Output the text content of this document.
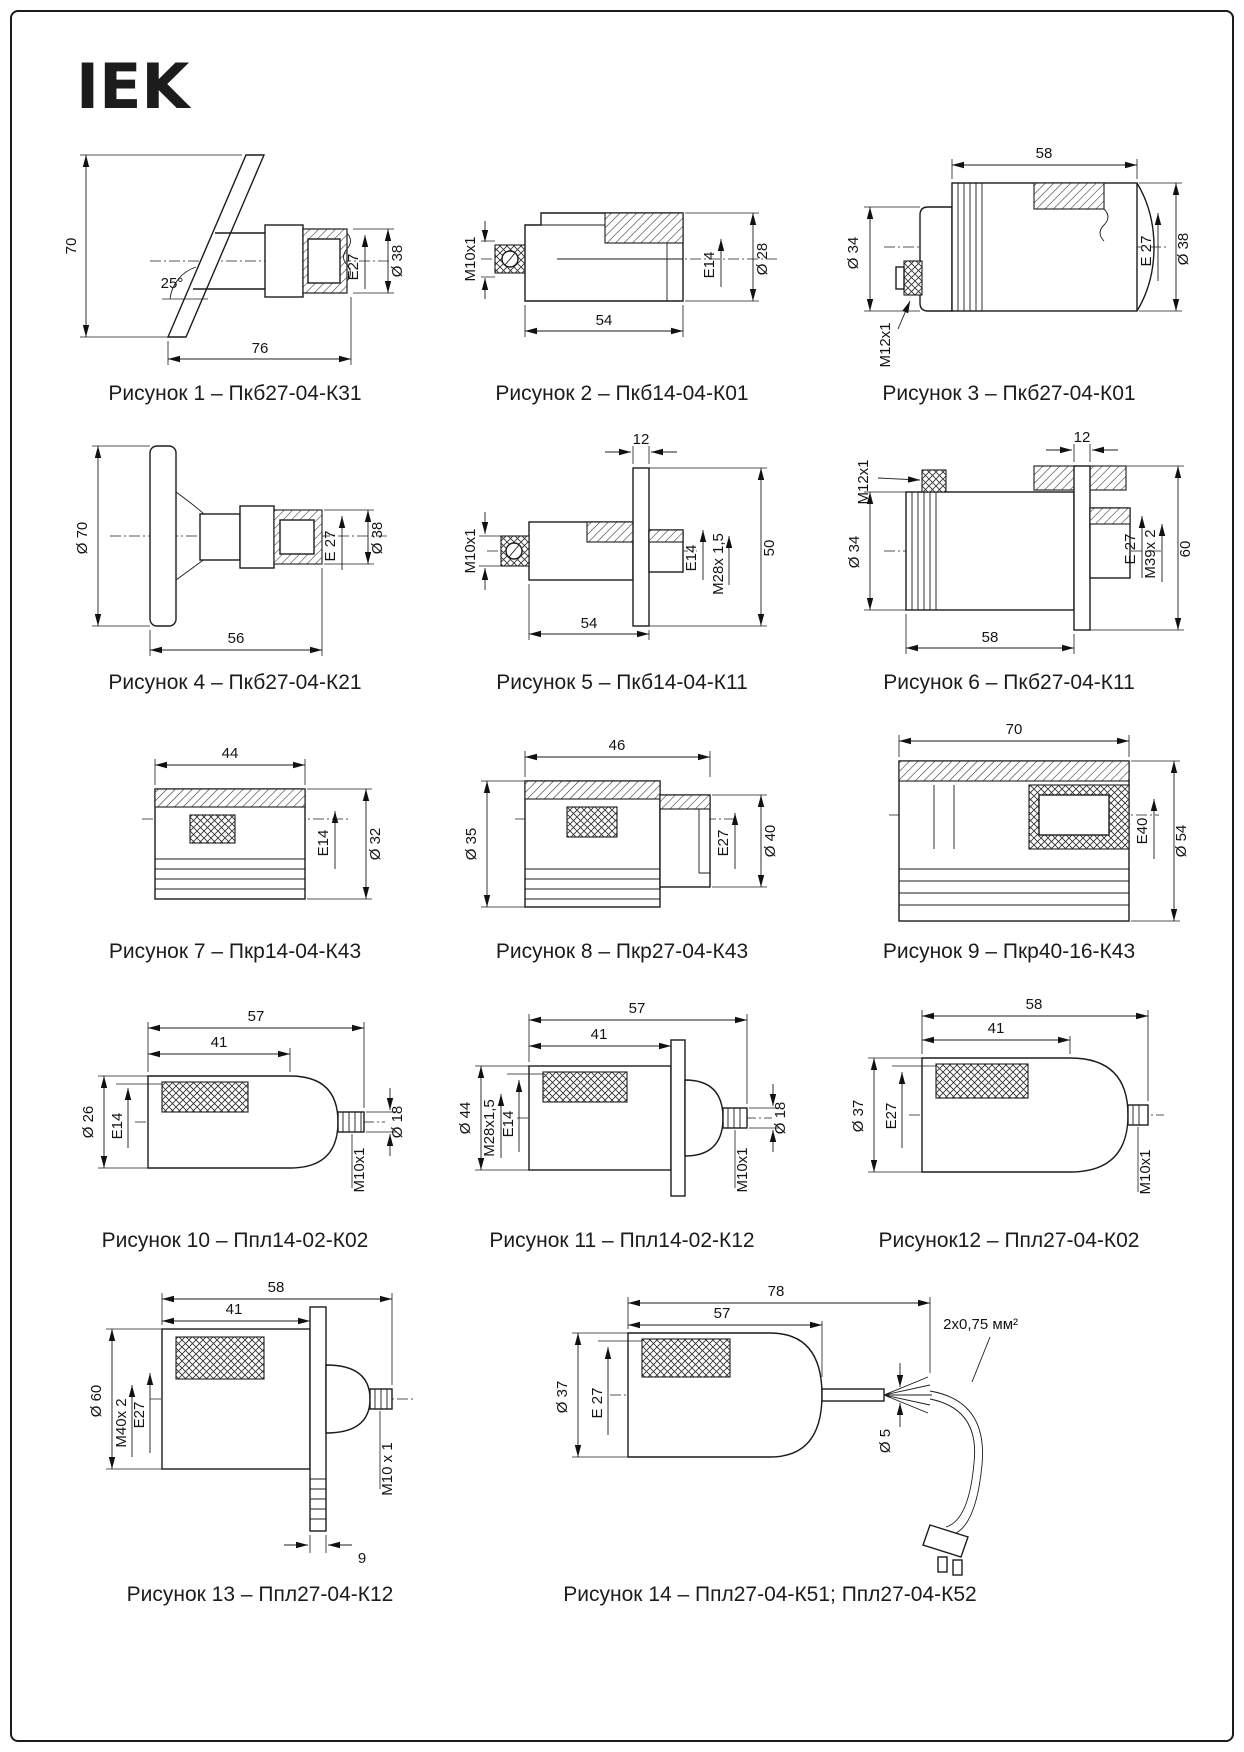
IEK
70
25°
76
E27 Ø 38
Рисунок 1 – Пкб27-04-К31
M10x1
54
E14 Ø 28
Рисунок 2 – Пкб14-04-К01
58
Ø 34
M12x1
E 27 Ø 38
Рисунок 3 – Пкб27-04-К01
Ø 70
56
E 27 Ø 38
Рисунок 4 – Пкб27-04-К21
12
M10x1
54
E14 M28x 1,5 50
Рисунок 5 – Пкб14-04-К11
M12x1
12
Ø 34	E 27 M39x 2 60
58
Рисунок 6 – Пкб27-04-К11
44
E14 Ø 32
Рисунок 7 – Пкр14-04-К43
46
Ø 35	E27 Ø 40
Рисунок 8 – Пкр27-04-К43
70
E40 Ø 54
Рисунок 9 – Пкр40-16-К43
57
41
Ø 26 E14	Ø 18
M10x1
Рисунок 10 – Ппл14-02-К02
57
41
Ø 44 M28x1,5 E14	Ø 18
M10x1
Рисунок 11 – Ппл14-02-К12
58
41
Ø 37 E27
M10x1
Рисунок12 – Ппл27-04-К02
58
41
Ø 60 M40x 2 E27
M10 x 1
9
Рисунок 13 – Ппл27-04-К12
78
57
Ø 37 E 27
Ø 5
2x0,75 мм²
Рисунок 14 – Ппл27-04-К51; Ппл27-04-К52
